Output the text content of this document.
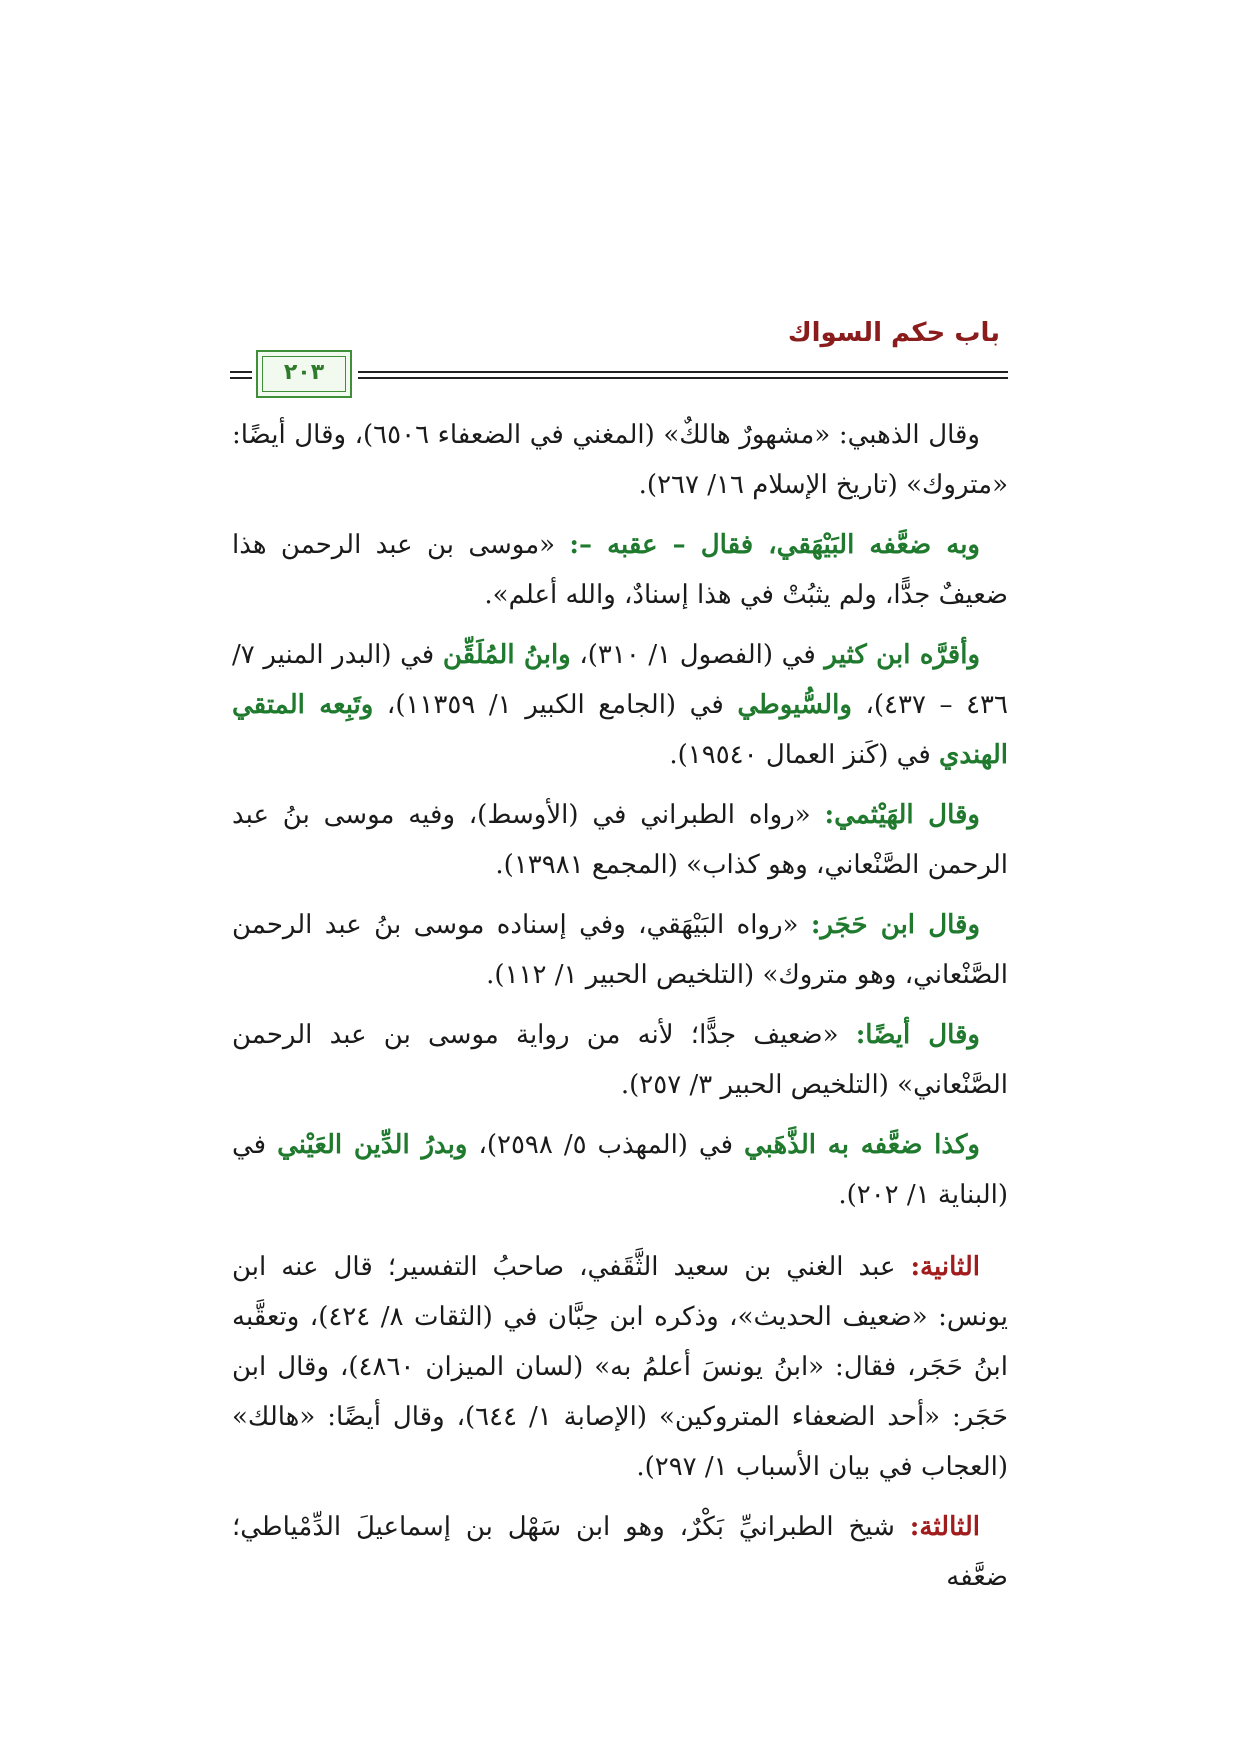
باب حكم السواك
٢٠٣

وقال الذهبي: «مشهورٌ هالكٌ» (المغني في الضعفاء ٦٥٠٦)، وقال أيضًا: «متروك» (تاريخ الإسلام ١٦/ ٢٦٧).

وبه ضعَّفه البَيْهَقي، فقال – عقبه –: «موسى بن عبد الرحمن هذا ضعيفٌ جدًّا، ولم يثبُتْ في هذا إسنادٌ، والله أعلم».

وأقرَّه ابن كثير في (الفصول ١/ ٣١٠)، وابنُ المُلَقِّن في (البدر المنير ٧/ ٤٣٦ – ٤٣٧)، والسُّيوطي في (الجامع الكبير ١/ ١١٣٥٩)، وتَبِعه المتقي الهندي في (كَنز العمال ١٩٥٤٠).

وقال الهَيْثمي: «رواه الطبراني في (الأوسط)، وفيه موسى بنُ عبد الرحمن الصَّنْعاني، وهو كذاب» (المجمع ١٣٩٨١).

وقال ابن حَجَر: «رواه البَيْهَقي، وفي إسناده موسى بنُ عبد الرحمن الصَّنْعاني، وهو متروك» (التلخيص الحبير ١/ ١١٢).

وقال أيضًا: «ضعيف جدًّا؛ لأنه من رواية موسى بن عبد الرحمن الصَّنْعاني» (التلخيص الحبير ٣/ ٢٥٧).

وكذا ضعَّفه به الذَّهَبي في (المهذب ٥/ ٢٥٩٨)، وبدرُ الدِّين العَيْني في (البناية ١/ ٢٠٢).

الثانية: عبد الغني بن سعيد الثَّقَفي، صاحبُ التفسير؛ قال عنه ابن يونس: «ضعيف الحديث»، وذكره ابن حِبَّان في (الثقات ٨/ ٤٢٤)، وتعقَّبه ابنُ حَجَر، فقال: «ابنُ يونسَ أعلمُ به» (لسان الميزان ٤٨٦٠)، وقال ابن حَجَر: «أحد الضعفاء المتروكين» (الإصابة ١/ ٦٤٤)، وقال أيضًا: «هالك» (العجاب في بيان الأسباب ١/ ٢٩٧).

الثالثة: شيخ الطبرانيِّ بَكْرٌ، وهو ابن سَهْل بن إسماعيلَ الدِّمْياطي؛ ضعَّفه
